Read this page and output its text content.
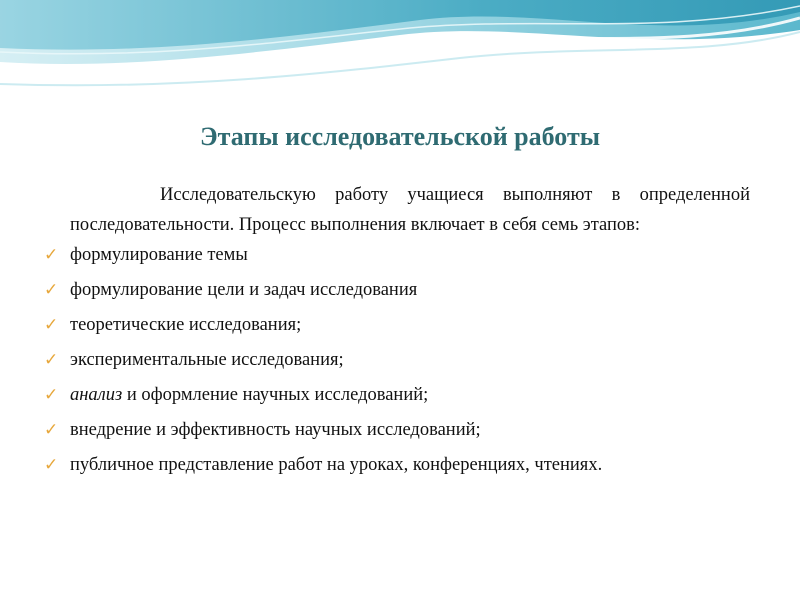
Этапы исследовательской работы

Исследовательскую работу учащиеся выполняют в определенной последовательности. Процесс выполнения включает в себя семь этапов:

✓ формулирование темы
✓ формулирование цели и задач исследования
✓ теоретические исследования;
✓ экспериментальные исследования;
✓ анализ и оформление научных исследований;
✓ внедрение и эффективность научных исследований;
✓ публичное представление работ на уроках, конференциях, чтениях.
